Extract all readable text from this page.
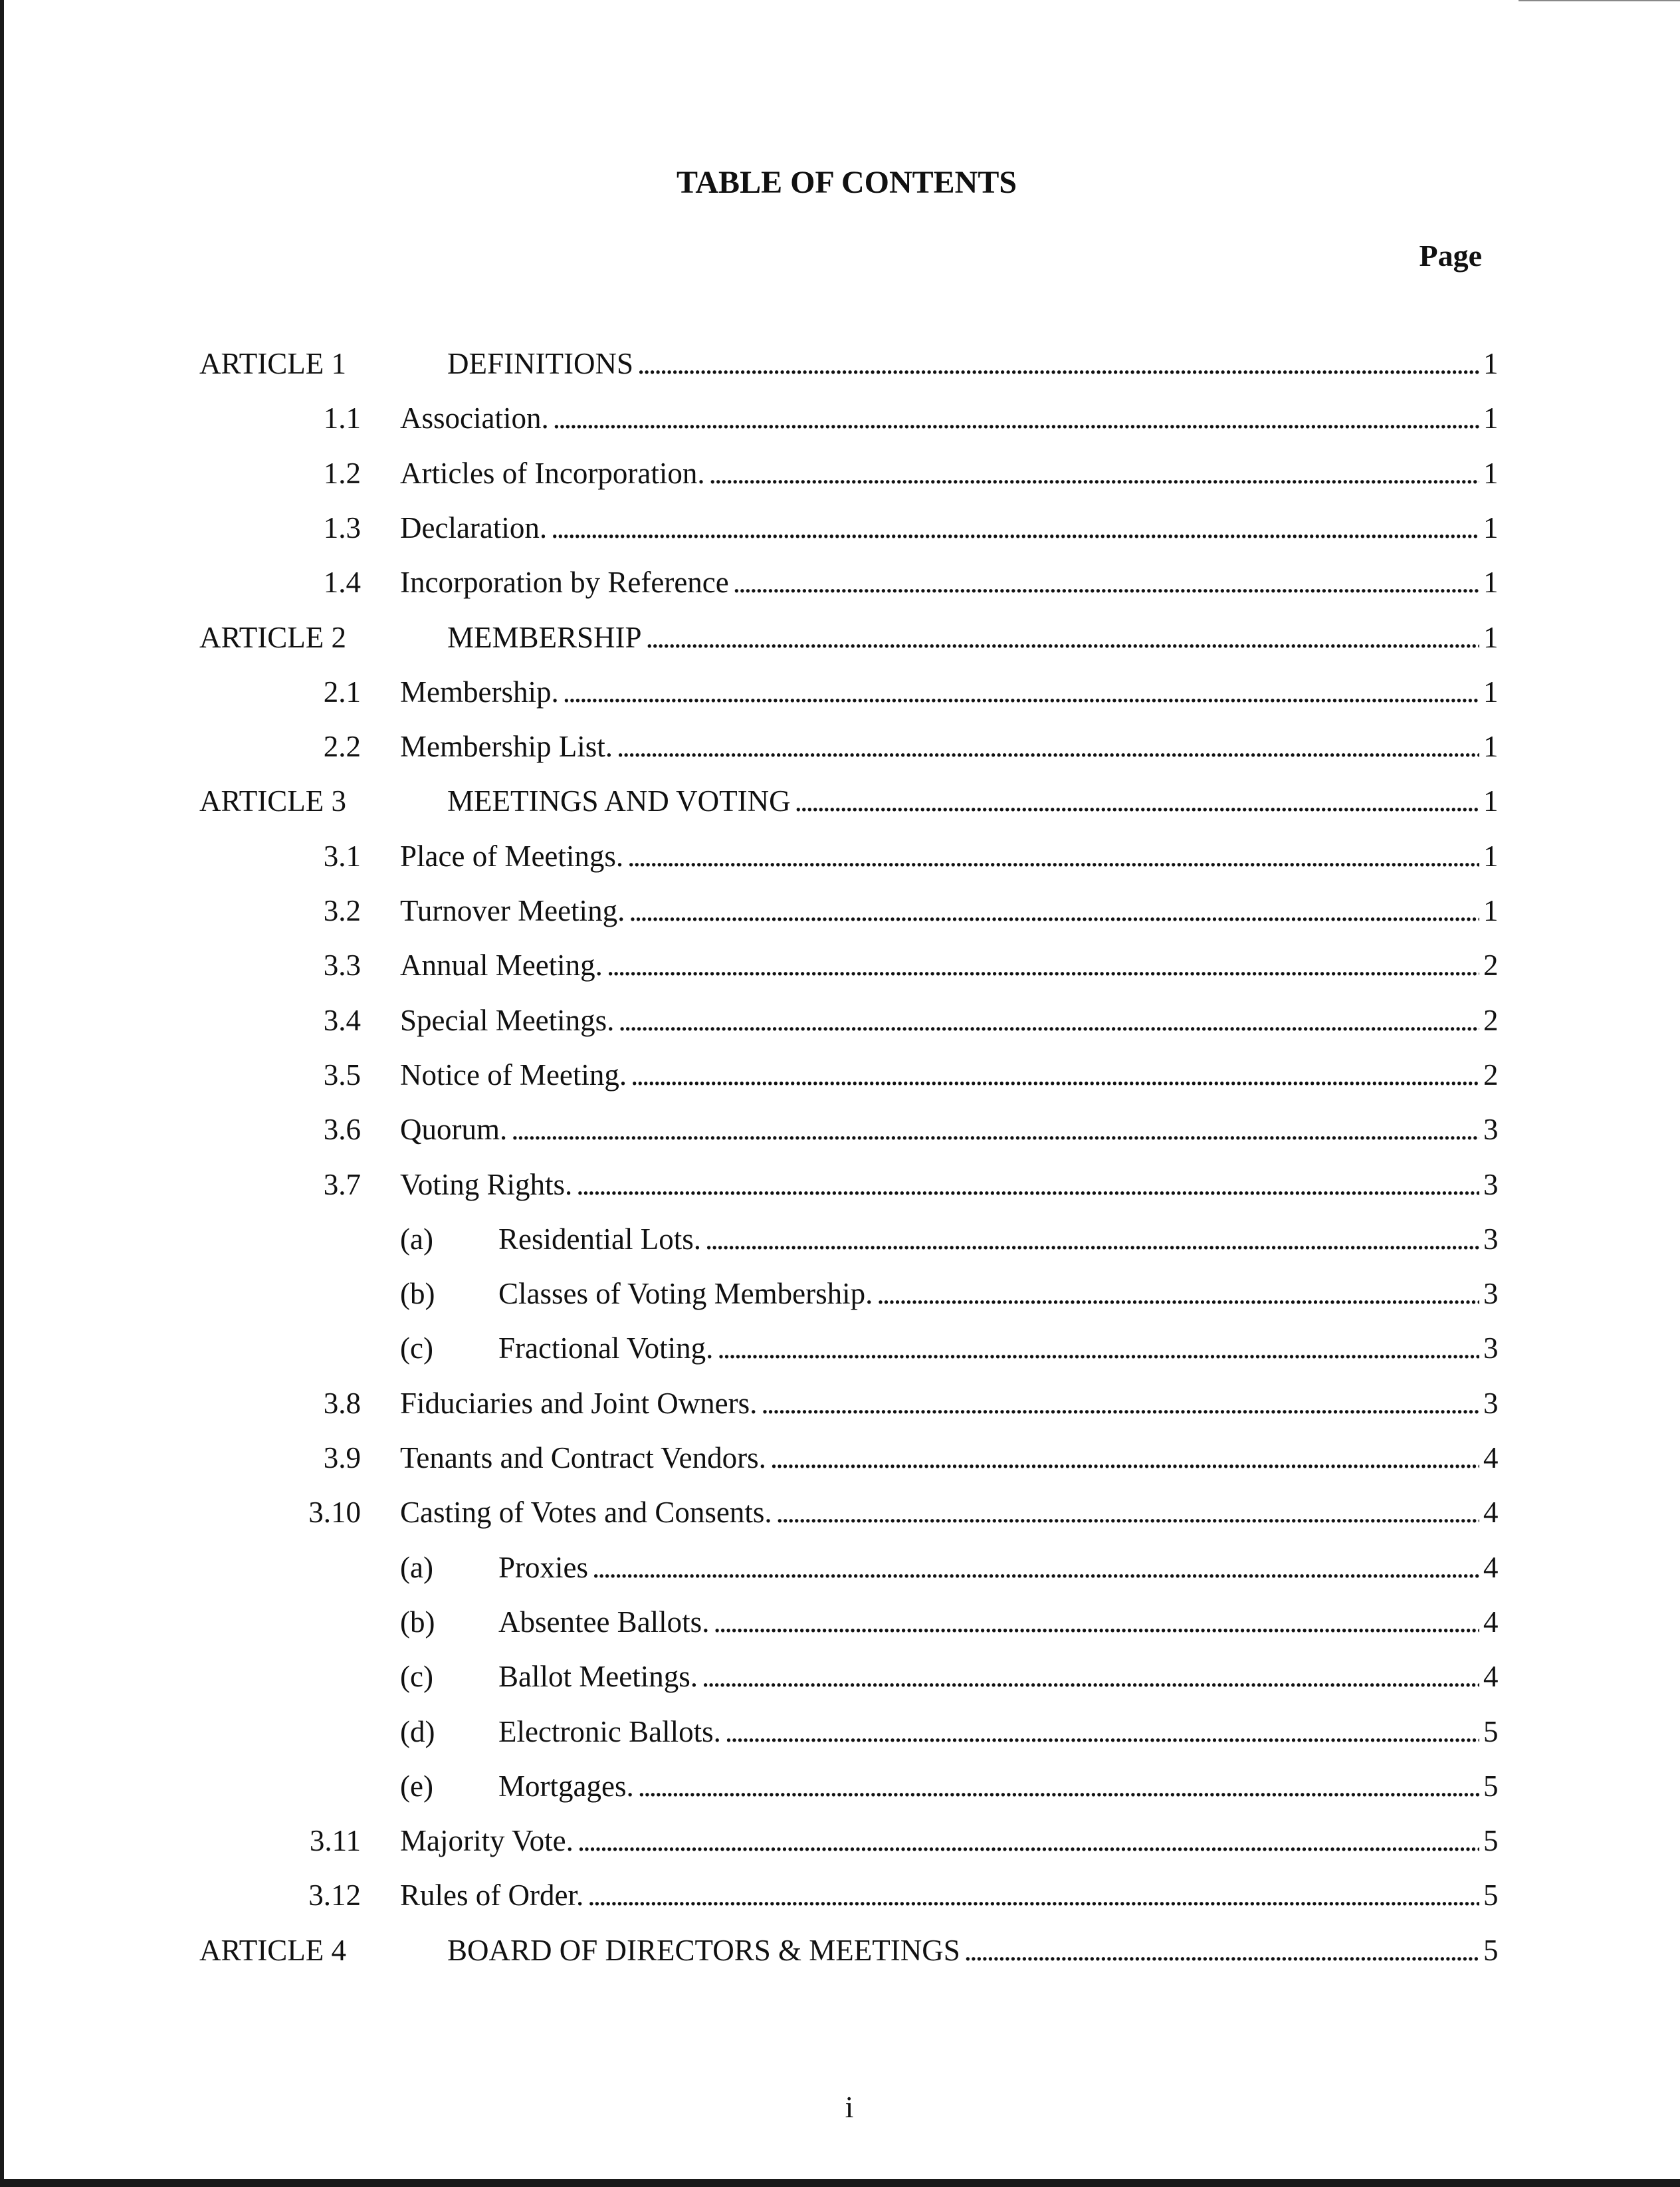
TABLE OF CONTENTS
Page
ARTICLE 1	DEFINITIONS . . .	1
1.1 Association. . . .	1
1.2 Articles of Incorporation. . . .	1
1.3 Declaration. . . .	1
1.4 Incorporation by Reference . . .	1
ARTICLE 2	MEMBERSHIP . . .	1
2.1 Membership. . . .	1
2.2 Membership List. . . .	1
ARTICLE 3	MEETINGS AND VOTING . . .	1
3.1 Place of Meetings. . . .	1
3.2 Turnover Meeting. . . .	1
3.3 Annual Meeting. . . .	2
3.4 Special Meetings. . . .	2
3.5 Notice of Meeting. . . .	2
3.6 Quorum. . . .	3
3.7 Voting Rights. . . .	3
(a) Residential Lots. . . .	3
(b) Classes of Voting Membership. . . .	3
(c) Fractional Voting. . . .	3
3.8 Fiduciaries and Joint Owners. . . .	3
3.9 Tenants and Contract Vendors. . . .	4
3.10 Casting of Votes and Consents. . . .	4
(a) Proxies . . .	4
(b) Absentee Ballots. . . .	4
(c) Ballot Meetings. . . .	4
(d) Electronic Ballots. . . .	5
(e) Mortgages. . . .	5
3.11 Majority Vote. . . .	5
3.12 Rules of Order. . . .	5
ARTICLE 4	BOARD OF DIRECTORS & MEETINGS . . .	5
i
